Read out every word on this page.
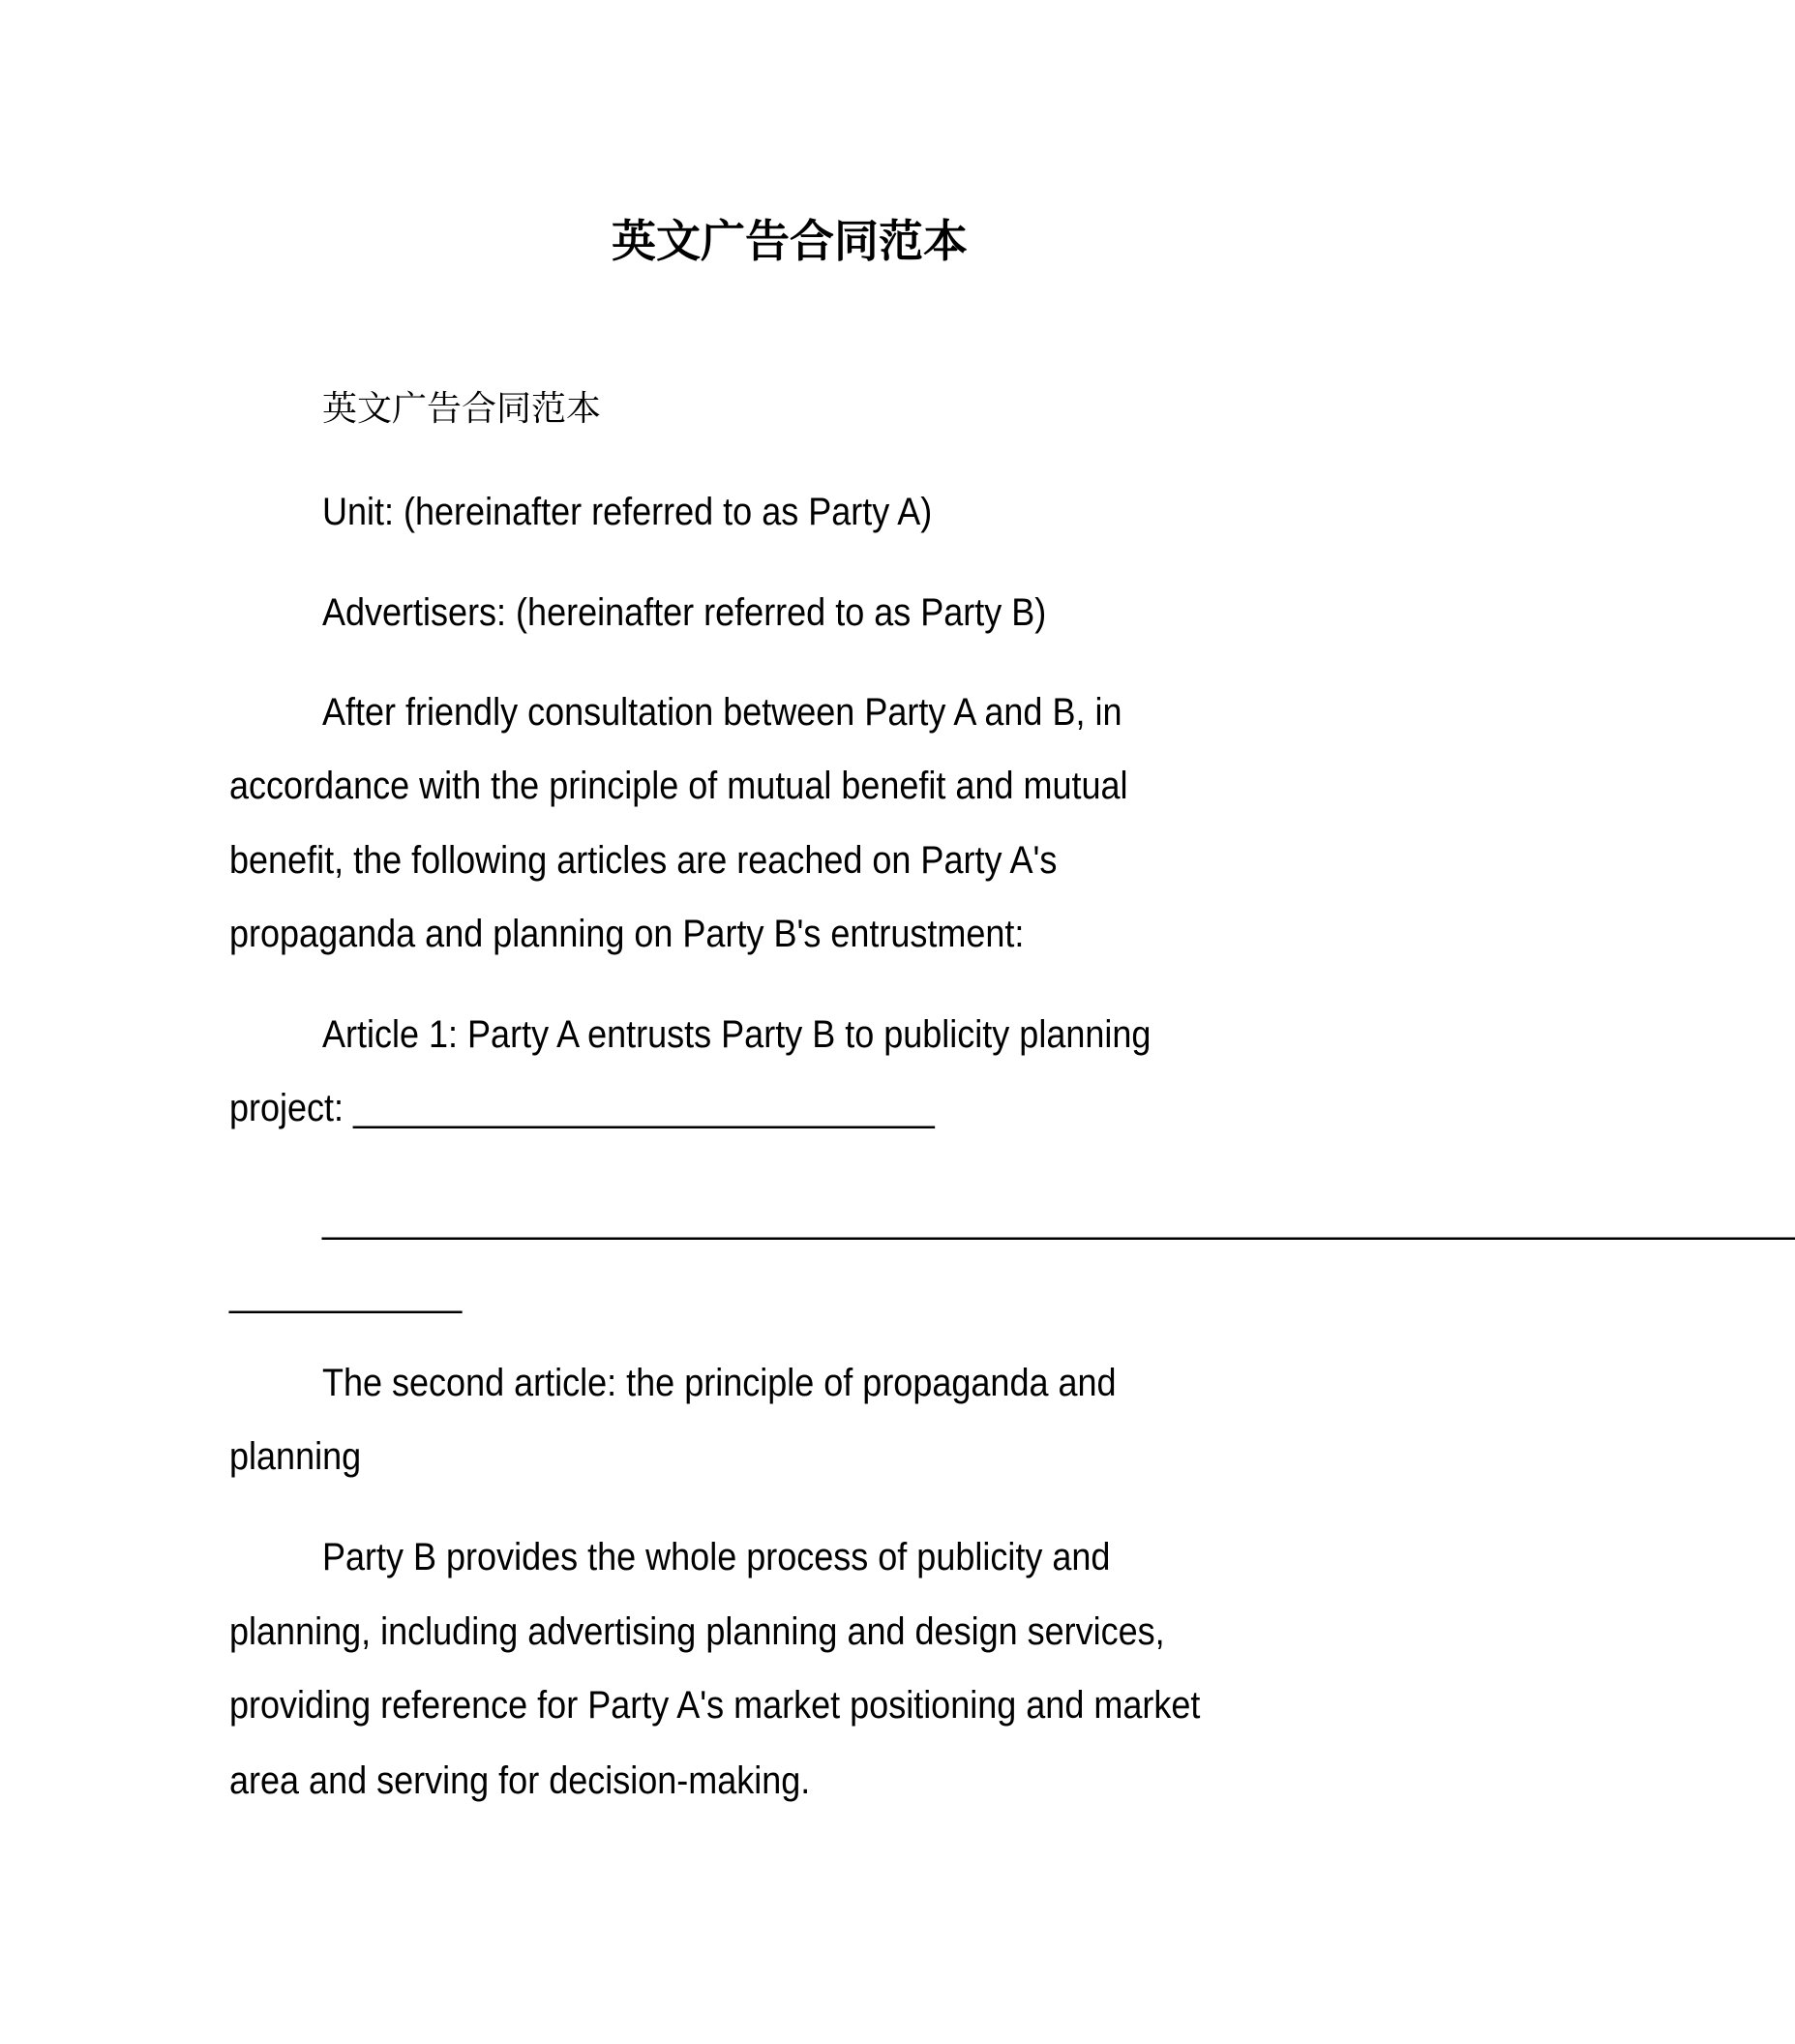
英文广告合同范本
英文广告合同范本
Unit: (hereinafter referred to as Party A)
Advertisers: (hereinafter referred to as Party B)
After friendly consultation between Party A and B, in
accordance with the principle of mutual benefit and mutual
benefit, the following articles are reached on Party A's
propaganda and planning on Party B's entrustment:
Article 1: Party A entrusts Party B to publicity planning
project: ______________________________
____________________________________________________________________________
____________
The second article: the principle of propaganda and
planning
Party B provides the whole process of publicity and
planning, including advertising planning and design services,
providing reference for Party A's market positioning and market
area and serving for decision-making.
